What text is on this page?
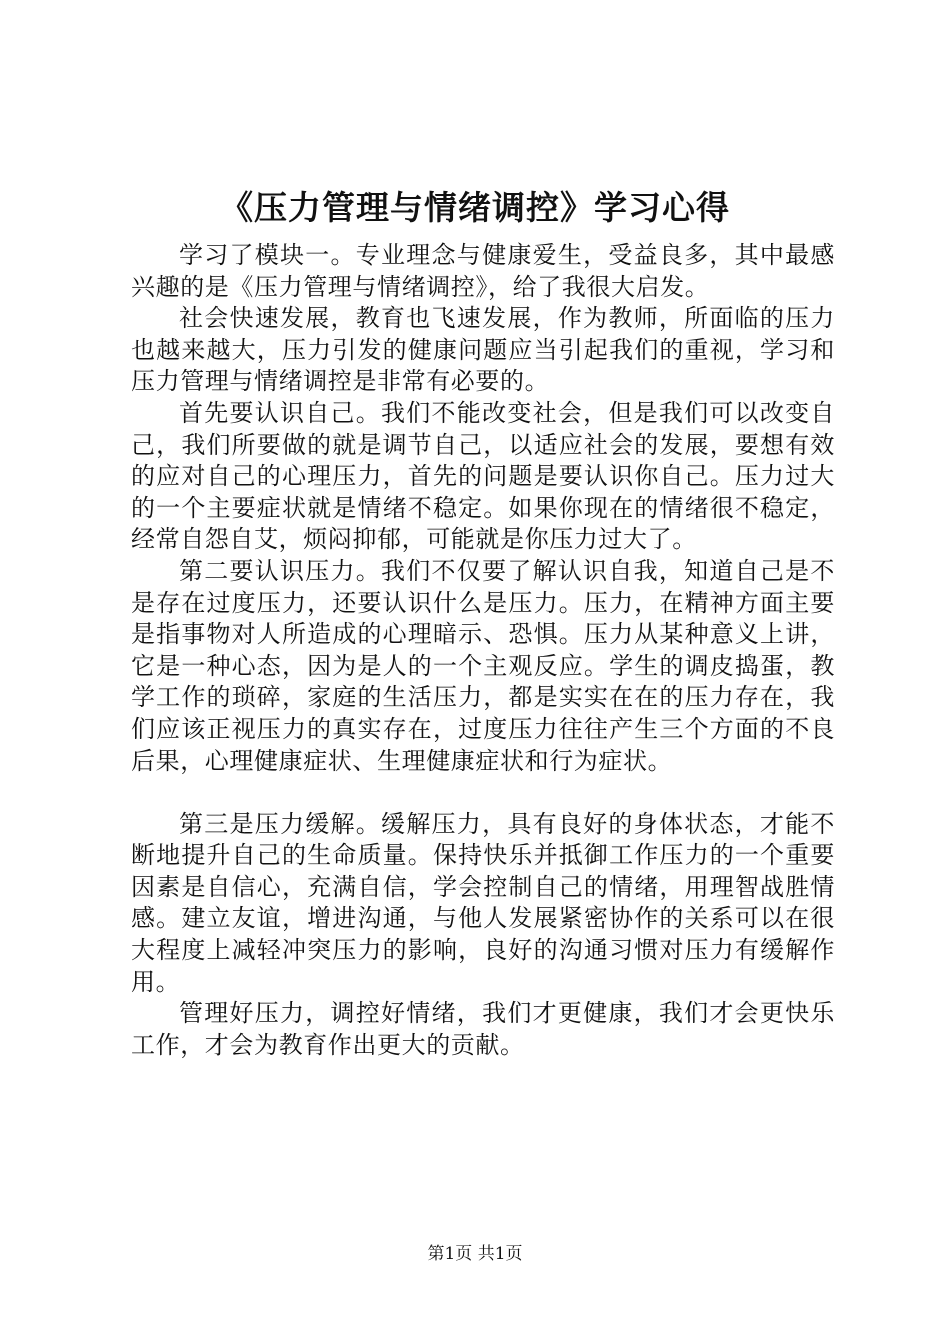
《压力管理与情绪调控》学习心得

学习了模块一。专业理念与健康爱生，受益良多，其中最感兴趣的是《压力管理与情绪调控》，给了我很大启发。

社会快速发展，教育也飞速发展，作为教师，所面临的压力也越来越大，压力引发的健康问题应当引起我们的重视，学习和压力管理与情绪调控是非常有必要的。

首先要认识自己。我们不能改变社会，但是我们可以改变自己，我们所要做的就是调节自己，以适应社会的发展，要想有效的应对自己的心理压力，首先的问题是要认识你自己。压力过大的一个主要症状就是情绪不稳定。如果你现在的情绪很不稳定，经常自怨自艾，烦闷抑郁，可能就是你压力过大了。

第二要认识压力。我们不仅要了解认识自我，知道自己是不是存在过度压力，还要认识什么是压力。压力，在精神方面主要是指事物对人所造成的心理暗示、恐惧。压力从某种意义上讲，它是一种心态，因为是人的一个主观反应。学生的调皮捣蛋，教学工作的琐碎，家庭的生活压力，都是实实在在的压力存在，我们应该正视压力的真实存在，过度压力往往产生三个方面的不良后果，心理健康症状、生理健康症状和行为症状。

第三是压力缓解。缓解压力，具有良好的身体状态，才能不断地提升自己的生命质量。保持快乐并抵御工作压力的一个重要因素是自信心，充满自信，学会控制自己的情绪，用理智战胜情感。建立友谊，增进沟通，与他人发展紧密协作的关系可以在很大程度上减轻冲突压力的影响，良好的沟通习惯对压力有缓解作用。

管理好压力，调控好情绪，我们才更健康，我们才会更快乐工作，才会为教育作出更大的贡献。

第1页 共1页
